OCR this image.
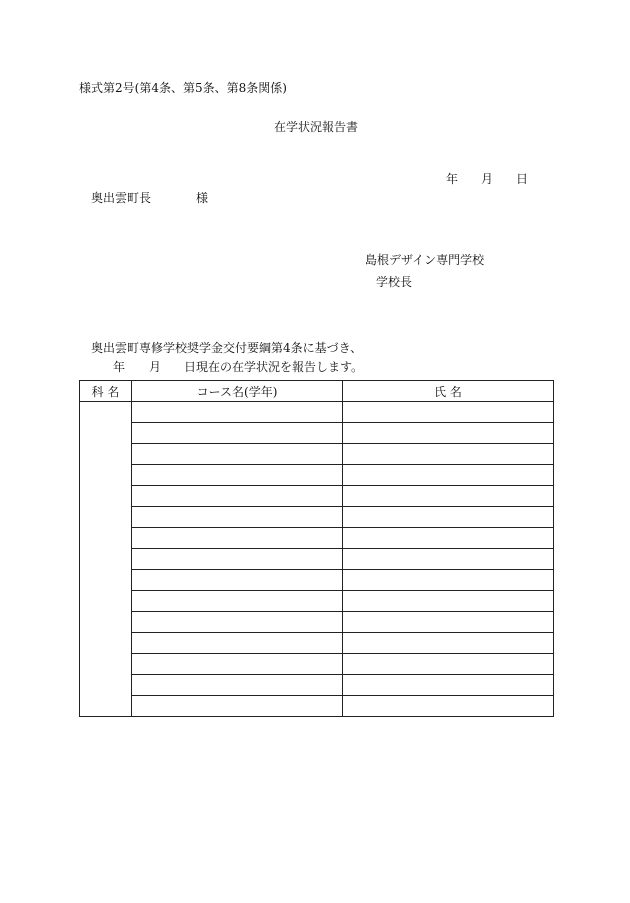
様式第2号(第4条、第5条、第8条関係)
在学状況報告書
年 月 日
奥出雲町長	様
島根デザイン専門学校
学校長
奥出雲町専修学校奨学金交付要綱第4条に基づき、
年 月 日現在の在学状況を報告します。
科 名	コース名(学年)	氏 名
